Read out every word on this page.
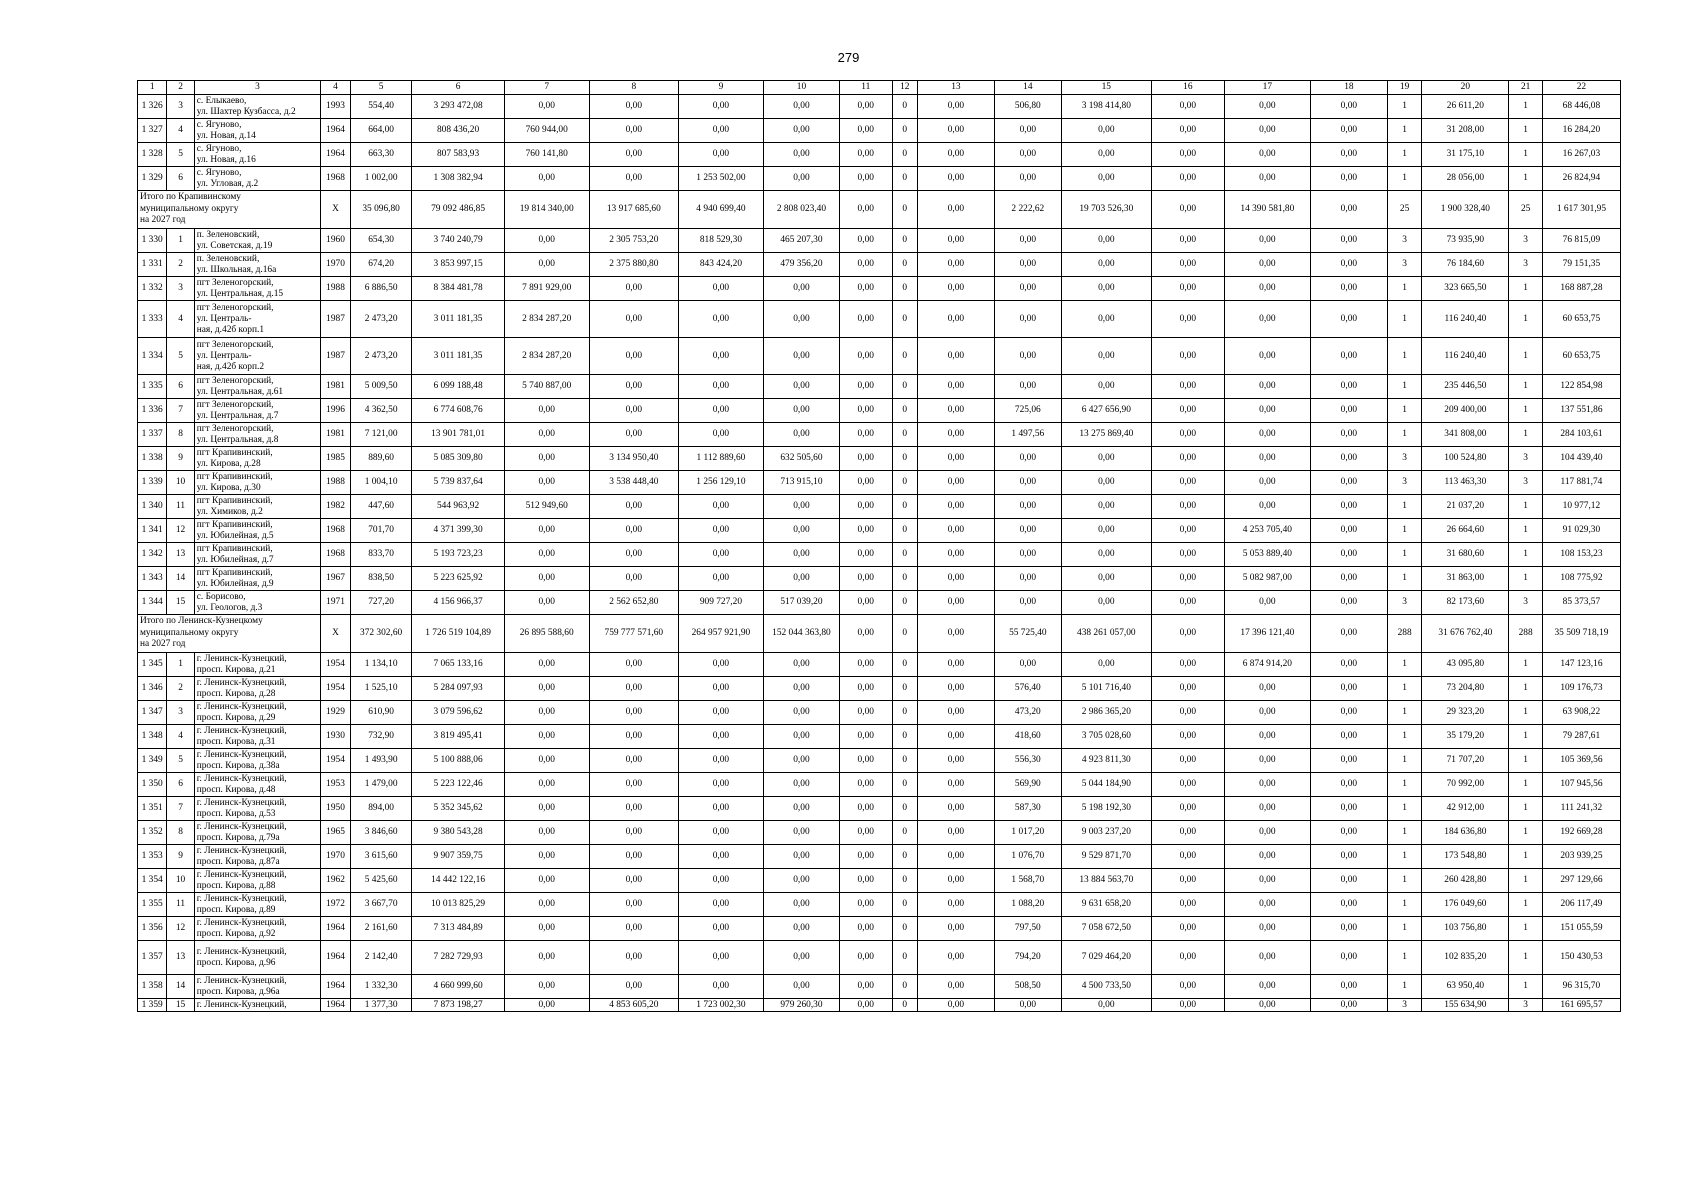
279
1	2	3	4	5	6	7	8	9	10	11	12	13	14	15	16	17	18	19	20	21	22
1 326	3	с. Елыкаево,
ул. Шахтер Кузбасса, д.2	1993	554,40	3 293 472,08	0,00	0,00	0,00	0,00	0,00	0	0,00	506,80	3 198 414,80	0,00	0,00	0,00	1	26 611,20	1	68 446,08
1 327	4	с. Ягуново,
ул. Новая, д.14	1964	664,00	808 436,20	760 944,00	0,00	0,00	0,00	0,00	0	0,00	0,00	0,00	0,00	0,00	0,00	1	31 208,00	1	16 284,20
1 328	5	с. Ягуново,
ул. Новая, д.16	1964	663,30	807 583,93	760 141,80	0,00	0,00	0,00	0,00	0	0,00	0,00	0,00	0,00	0,00	0,00	1	31 175,10	1	16 267,03
1 329	6	с. Ягуново,
ул. Угловая, д.2	1968	1 002,00	1 308 382,94	0,00	0,00	1 253 502,00	0,00	0,00	0	0,00	0,00	0,00	0,00	0,00	0,00	1	28 056,00	1	26 824,94
Итого по Крапивинскому
муниципальному округу
на 2027 год			X	35 096,80	79 092 486,85	19 814 340,00	13 917 685,60	4 940 699,40	2 808 023,40	0,00	0	0,00	2 222,62	19 703 526,30	0,00	14 390 581,80	0,00	25	1 900 328,40	25	1 617 301,95
1 330	1	п. Зеленовский,
ул. Советская, д.19	1960	654,30	3 740 240,79	0,00	2 305 753,20	818 529,30	465 207,30	0,00	0	0,00	0,00	0,00	0,00	0,00	0,00	3	73 935,90	3	76 815,09
1 331	2	п. Зеленовский,
ул. Школьная, д.16а	1970	674,20	3 853 997,15	0,00	2 375 880,80	843 424,20	479 356,20	0,00	0	0,00	0,00	0,00	0,00	0,00	0,00	3	76 184,60	3	79 151,35
1 332	3	пгт Зеленогорский,
ул. Центральная, д.15	1988	6 886,50	8 384 481,78	7 891 929,00	0,00	0,00	0,00	0,00	0	0,00	0,00	0,00	0,00	0,00	0,00	1	323 665,50	1	168 887,28
1 333	4	пгт Зеленогорский,
ул. Централь-
ная, д.42б корп.1	1987	2 473,20	3 011 181,35	2 834 287,20	0,00	0,00	0,00	0,00	0	0,00	0,00	0,00	0,00	0,00	0,00	1	116 240,40	1	60 653,75
1 334	5	пгт Зеленогорский,
ул. Централь-
ная, д.42б корп.2	1987	2 473,20	3 011 181,35	2 834 287,20	0,00	0,00	0,00	0,00	0	0,00	0,00	0,00	0,00	0,00	0,00	1	116 240,40	1	60 653,75
1 335	6	пгт Зеленогорский,
ул. Центральная, д.61	1981	5 009,50	6 099 188,48	5 740 887,00	0,00	0,00	0,00	0,00	0	0,00	0,00	0,00	0,00	0,00	0,00	1	235 446,50	1	122 854,98
1 336	7	пгт Зеленогорский,
ул. Центральная, д.7	1996	4 362,50	6 774 608,76	0,00	0,00	0,00	0,00	0,00	0	0,00	725,06	6 427 656,90	0,00	0,00	0,00	1	209 400,00	1	137 551,86
1 337	8	пгт Зеленогорский,
ул. Центральная, д.8	1981	7 121,00	13 901 781,01	0,00	0,00	0,00	0,00	0,00	0	0,00	1 497,56	13 275 869,40	0,00	0,00	0,00	1	341 808,00	1	284 103,61
1 338	9	пгт Крапивинский,
ул. Кирова, д.28	1985	889,60	5 085 309,80	0,00	3 134 950,40	1 112 889,60	632 505,60	0,00	0	0,00	0,00	0,00	0,00	0,00	0,00	3	100 524,80	3	104 439,40
1 339	10	пгт Крапивинский,
ул. Кирова, д.30	1988	1 004,10	5 739 837,64	0,00	3 538 448,40	1 256 129,10	713 915,10	0,00	0	0,00	0,00	0,00	0,00	0,00	0,00	3	113 463,30	3	117 881,74
1 340	11	пгт Крапивинский,
ул. Химиков, д.2	1982	447,60	544 963,92	512 949,60	0,00	0,00	0,00	0,00	0	0,00	0,00	0,00	0,00	0,00	0,00	1	21 037,20	1	10 977,12
1 341	12	пгт Крапивинский,
ул. Юбилейная, д.5	1968	701,70	4 371 399,30	0,00	0,00	0,00	0,00	0,00	0	0,00	0,00	0,00	0,00	4 253 705,40	0,00	1	26 664,60	1	91 029,30
1 342	13	пгт Крапивинский,
ул. Юбилейная, д.7	1968	833,70	5 193 723,23	0,00	0,00	0,00	0,00	0,00	0	0,00	0,00	0,00	0,00	5 053 889,40	0,00	1	31 680,60	1	108 153,23
1 343	14	пгт Крапивинский,
ул. Юбилейная, д.9	1967	838,50	5 223 625,92	0,00	0,00	0,00	0,00	0,00	0	0,00	0,00	0,00	0,00	5 082 987,00	0,00	1	31 863,00	1	108 775,92
1 344	15	с. Борисово,
ул. Геологов, д.3	1971	727,20	4 156 966,37	0,00	2 562 652,80	909 727,20	517 039,20	0,00	0	0,00	0,00	0,00	0,00	0,00	0,00	3	82 173,60	3	85 373,57
Итого по Ленинск-Кузнецкому
муниципальному округу
на 2027 год			X	372 302,60	1 726 519 104,89	26 895 588,60	759 777 571,60	264 957 921,90	152 044 363,80	0,00	0	0,00	55 725,40	438 261 057,00	0,00	17 396 121,40	0,00	288	31 676 762,40	288	35 509 718,19
1 345	1	г. Ленинск-Кузнецкий,
просп. Кирова, д.21	1954	1 134,10	7 065 133,16	0,00	0,00	0,00	0,00	0,00	0	0,00	0,00	0,00	0,00	6 874 914,20	0,00	1	43 095,80	1	147 123,16
1 346	2	г. Ленинск-Кузнецкий,
просп. Кирова, д.28	1954	1 525,10	5 284 097,93	0,00	0,00	0,00	0,00	0,00	0	0,00	576,40	5 101 716,40	0,00	0,00	0,00	1	73 204,80	1	109 176,73
1 347	3	г. Ленинск-Кузнецкий,
просп. Кирова, д.29	1929	610,90	3 079 596,62	0,00	0,00	0,00	0,00	0,00	0	0,00	473,20	2 986 365,20	0,00	0,00	0,00	1	29 323,20	1	63 908,22
1 348	4	г. Ленинск-Кузнецкий,
просп. Кирова, д.31	1930	732,90	3 819 495,41	0,00	0,00	0,00	0,00	0,00	0	0,00	418,60	3 705 028,60	0,00	0,00	0,00	1	35 179,20	1	79 287,61
1 349	5	г. Ленинск-Кузнецкий,
просп. Кирова, д.38а	1954	1 493,90	5 100 888,06	0,00	0,00	0,00	0,00	0,00	0	0,00	556,30	4 923 811,30	0,00	0,00	0,00	1	71 707,20	1	105 369,56
1 350	6	г. Ленинск-Кузнецкий,
просп. Кирова, д.48	1953	1 479,00	5 223 122,46	0,00	0,00	0,00	0,00	0,00	0	0,00	569,90	5 044 184,90	0,00	0,00	0,00	1	70 992,00	1	107 945,56
1 351	7	г. Ленинск-Кузнецкий,
просп. Кирова, д.53	1950	894,00	5 352 345,62	0,00	0,00	0,00	0,00	0,00	0	0,00	587,30	5 198 192,30	0,00	0,00	0,00	1	42 912,00	1	111 241,32
1 352	8	г. Ленинск-Кузнецкий,
просп. Кирова, д.79а	1965	3 846,60	9 380 543,28	0,00	0,00	0,00	0,00	0,00	0	0,00	1 017,20	9 003 237,20	0,00	0,00	0,00	1	184 636,80	1	192 669,28
1 353	9	г. Ленинск-Кузнецкий,
просп. Кирова, д.87а	1970	3 615,60	9 907 359,75	0,00	0,00	0,00	0,00	0,00	0	0,00	1 076,70	9 529 871,70	0,00	0,00	0,00	1	173 548,80	1	203 939,25
1 354	10	г. Ленинск-Кузнецкий,
просп. Кирова, д.88	1962	5 425,60	14 442 122,16	0,00	0,00	0,00	0,00	0,00	0	0,00	1 568,70	13 884 563,70	0,00	0,00	0,00	1	260 428,80	1	297 129,66
1 355	11	г. Ленинск-Кузнецкий,
просп. Кирова, д.89	1972	3 667,70	10 013 825,29	0,00	0,00	0,00	0,00	0,00	0	0,00	1 088,20	9 631 658,20	0,00	0,00	0,00	1	176 049,60	1	206 117,49
1 356	12	г. Ленинск-Кузнецкий,
просп. Кирова, д.92	1964	2 161,60	7 313 484,89	0,00	0,00	0,00	0,00	0,00	0	0,00	797,50	7 058 672,50	0,00	0,00	0,00	1	103 756,80	1	151 055,59
1 357	13	г. Ленинск-Кузнецкий,
просп. Кирова, д.96	1964	2 142,40	7 282 729,93	0,00	0,00	0,00	0,00	0,00	0	0,00	794,20	7 029 464,20	0,00	0,00	0,00	1	102 835,20	1	150 430,53
1 358	14	г. Ленинск-Кузнецкий,
просп. Кирова, д.96а	1964	1 332,30	4 660 999,60	0,00	0,00	0,00	0,00	0,00	0	0,00	508,50	4 500 733,50	0,00	0,00	0,00	1	63 950,40	1	96 315,70
1 359	15	г. Ленинск-Кузнецкий,	1964	1 377,30	7 873 198,27	0,00	4 853 605,20	1 723 002,30	979 260,30	0,00	0	0,00	0,00	0,00	0,00	0,00	0,00	3	155 634,90	3	161 695,57
